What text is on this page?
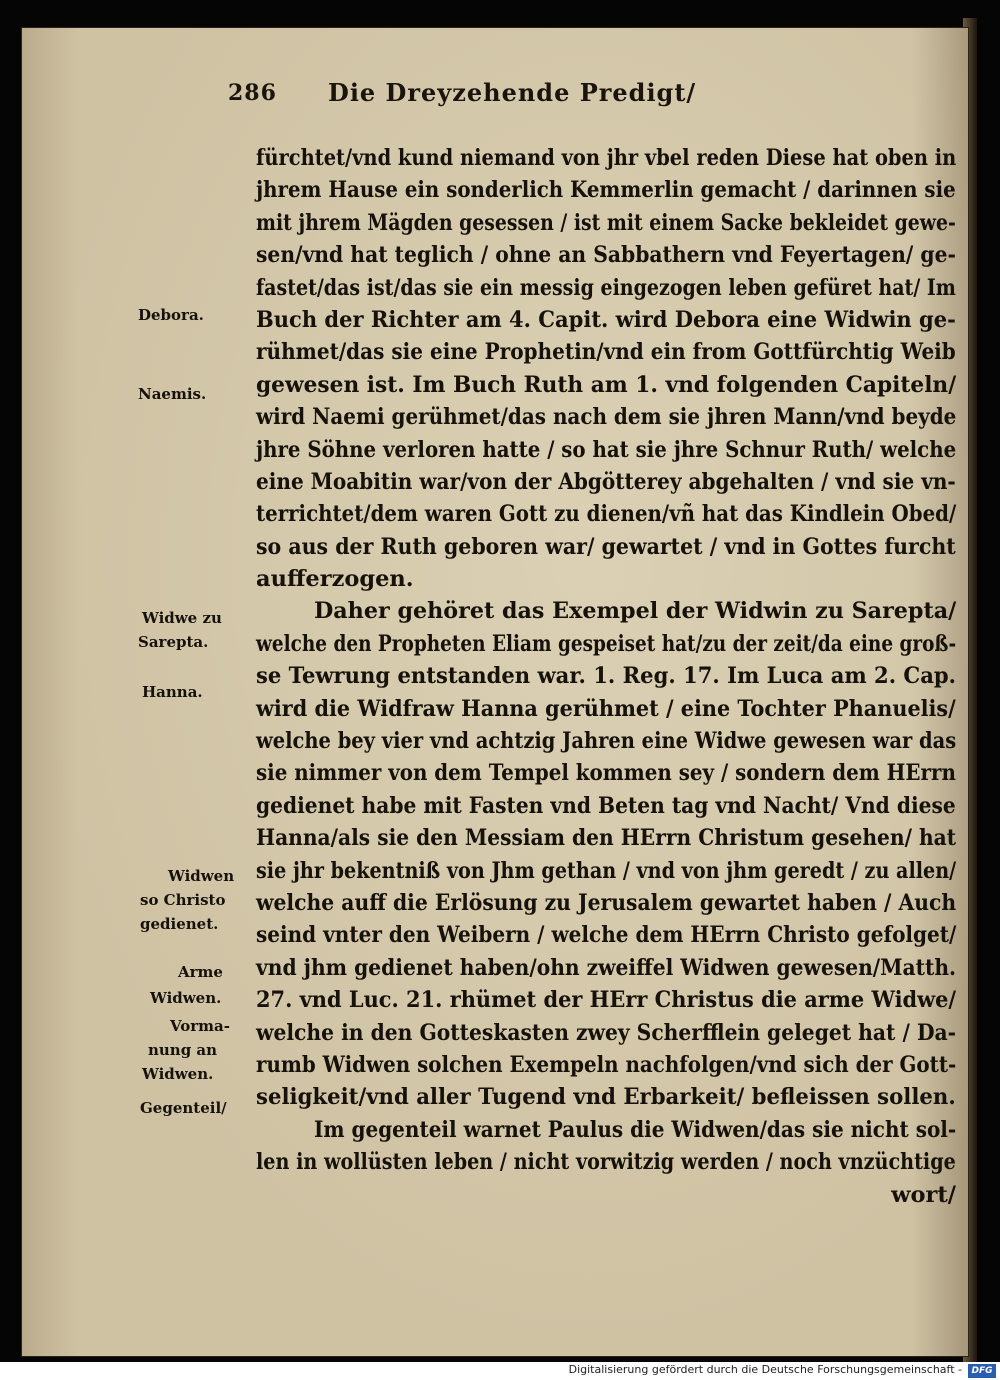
286 Die Dreyzehende Predigt/
fürchtet/vnd kund niemand von jhr vbel reden Diese hat oben in
jhrem Hause ein sonderlich Kemmerlin gemacht / darinnen sie
mit jhrem Mägden gesessen / ist mit einem Sacke bekleidet gewe-
sen/vnd hat teglich / ohne an Sabbathern vnd Feyertagen/ ge-
fastet/das ist/das sie ein messig eingezogen leben gefüret hat/ Im
Buch der Richter am 4. Capit. wird Debora eine Widwin ge-
rühmet/das sie eine Prophetin/vnd ein from Gottfürchtig Weib
gewesen ist. Im Buch Ruth am 1. vnd folgenden Capiteln/
wird Naemi gerühmet/das nach dem sie jhren Mann/vnd beyde
jhre Söhne verloren hatte / so hat sie jhre Schnur Ruth/ welche
eine Moabitin war/von der Abgötterey abgehalten / vnd sie vn-
terrichtet/dem waren Gott zu dienen/vñ hat das Kindlein Obed/
so aus der Ruth geboren war/ gewartet / vnd in Gottes furcht
aufferzogen.
Daher gehöret das Exempel der Widwin zu Sarepta/
welche den Propheten Eliam gespeiset hat/zu der zeit/da eine groß-
se Tewrung entstanden war. 1. Reg. 17. Im Luca am 2. Cap.
wird die Widfraw Hanna gerühmet / eine Tochter Phanuelis/
welche bey vier vnd achtzig Jahren eine Widwe gewesen war das
sie nimmer von dem Tempel kommen sey / sondern dem HErrn
gedienet habe mit Fasten vnd Beten tag vnd Nacht/ Vnd diese
Hanna/als sie den Messiam den HErrn Christum gesehen/ hat
sie jhr bekentniß von Jhm gethan / vnd von jhm geredt / zu allen/
welche auff die Erlösung zu Jerusalem gewartet haben / Auch
seind vnter den Weibern / welche dem HErrn Christo gefolget/
vnd jhm gedienet haben/ohn zweiffel Widwen gewesen/Matth.
27. vnd Luc. 21. rhümet der HErr Christus die arme Widwe/
welche in den Gotteskasten zwey Scherfflein geleget hat / Da-
rumb Widwen solchen Exempeln nachfolgen/vnd sich der Gott-
seligkeit/vnd aller Tugend vnd Erbarkeit/ befleissen sollen.
Im gegenteil warnet Paulus die Widwen/das sie nicht sol-
len in wollüsten leben / nicht vorwitzig werden / noch vnzüchtige
wort/
Debora.
Naemis.
Widwe zu
Sarepta.
Hanna.
Widwen
so Christo
gedienet.
Arme
Widwen.
Vorma-
nung an
Widwen.
Gegenteil/
Digitalisierung gefördert durch die Deutsche Forschungsgemeinschaft -	DFG
